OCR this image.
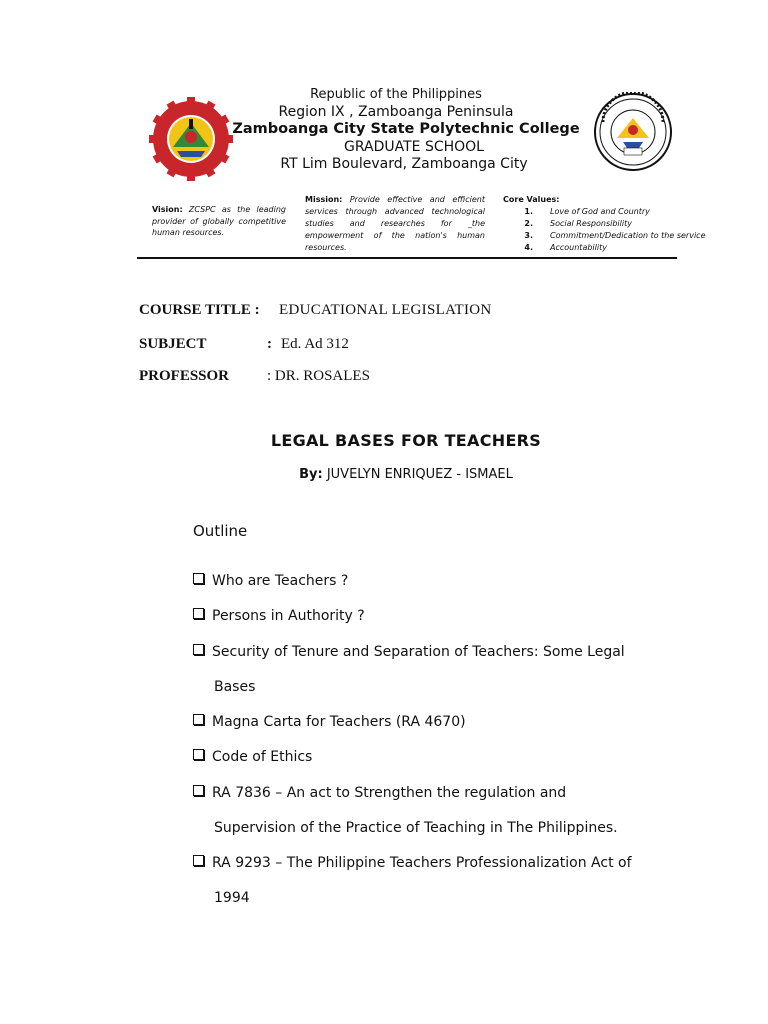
Republic of the Philippines
Region IX , Zamboanga Peninsula
Zamboanga City State Polytechnic College
GRADUATE SCHOOL
RT Lim Boulevard, Zamboanga City
Vision: ZCSPC as the leading provider of globally competitive human resources.
Mission: Provide effective and efficient services through advanced technological studies and researches for _the empowerment of the nation's human resources.
Core Values:
1.	Love of God and Country
2.	Social Responsibility
3.	Commitment/Dedication to the service
4.	Accountability
COURSE TITLE : EDUCATIONAL LEGISLATION
SUBJECT	: Ed. Ad 312
PROFESSOR	: DR. ROSALES
LEGAL BASES FOR TEACHERS
By: JUVELYN ENRIQUEZ - ISMAEL
Outline
Who are Teachers ?
Persons in Authority ?
Security of Tenure and Separation of Teachers: Some Legal
Bases
Magna Carta for Teachers (RA 4670)
Code of Ethics
RA 7836 – An act to Strengthen the regulation and
Supervision of the Practice of Teaching in The Philippines.
RA 9293 – The Philippine Teachers Professionalization Act of
1994
